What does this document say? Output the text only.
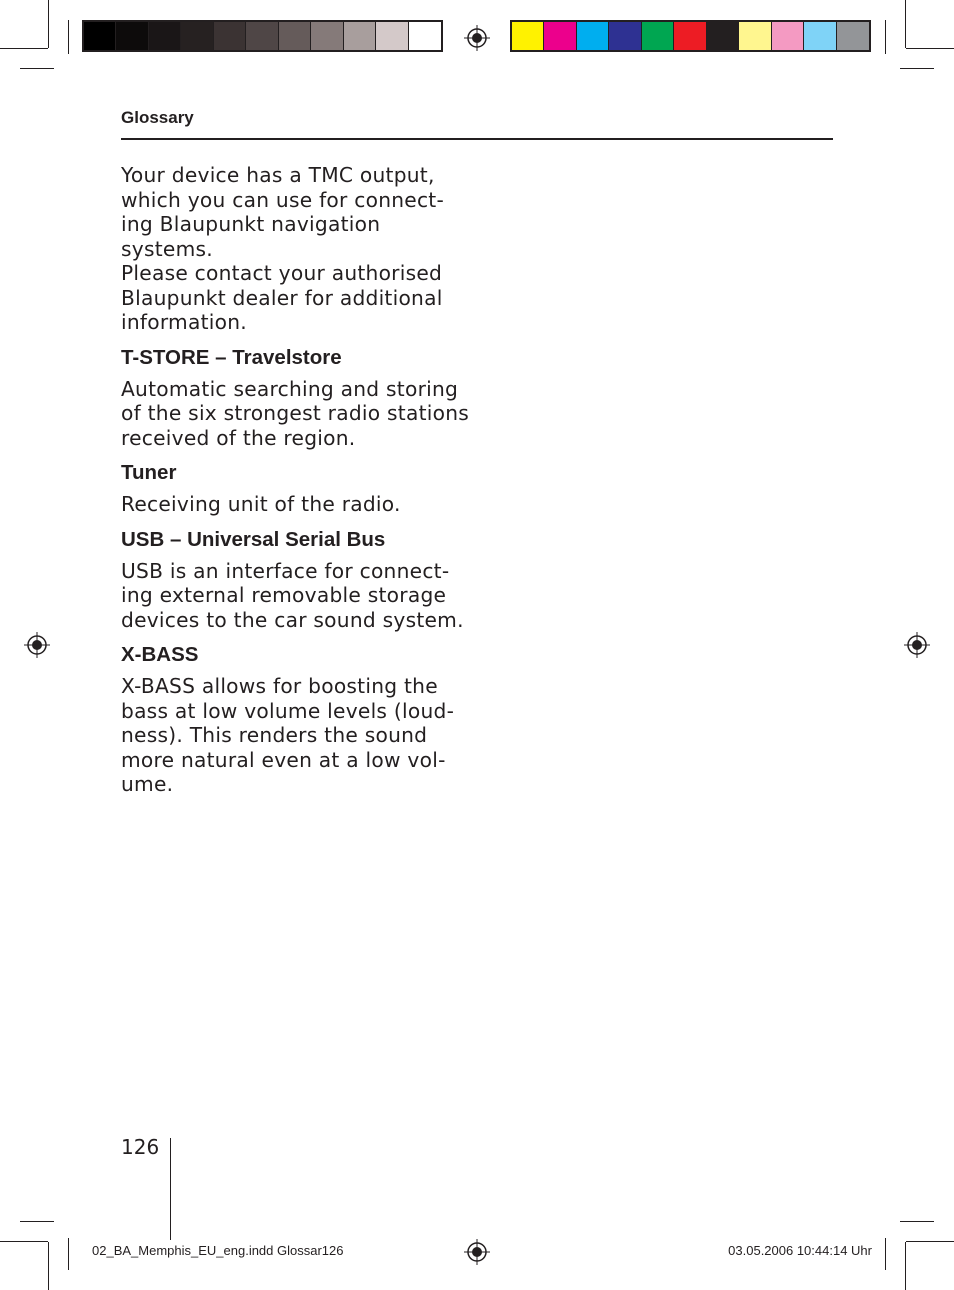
Glossary

Your device has a TMC output,
which you can use for connect-
ing Blaupunkt navigation systems.
Please contact your authorised
Blaupunkt dealer for additional
information.

T-STORE – Travelstore

Automatic searching and storing
of the six strongest radio stations
received of the region.

Tuner

Receiving unit of the radio.

USB – Universal Serial Bus

USB is an interface for connect-
ing external removable storage
devices to the car sound system.

X-BASS

X-BASS allows for boosting the
bass at low volume levels (loud-
ness). This renders the sound
more natural even at a low vol-
ume.

126
02_BA_Memphis_EU_eng.indd Glossar126	03.05.2006 10:44:14 Uhr
